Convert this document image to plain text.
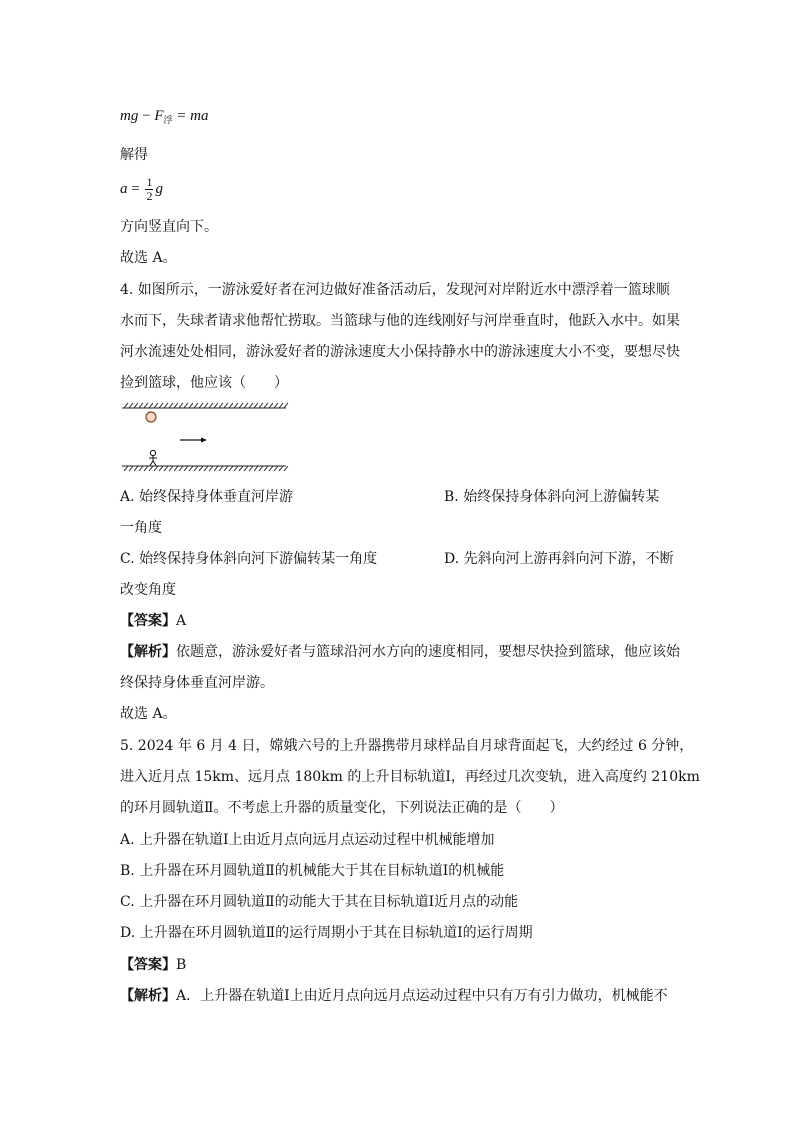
mg − $F_浮$ = ma
解得
$a = \frac{1}{2}$ g
方向竖直向下。
故选 A。
4. 如图所示，一游泳爱好者在河边做好准备活动后，发现河对岸附近水中漂浮着一篮球顺
水而下，失球者请求他帮忙捞取。当篮球与他的连线刚好与河岸垂直时，他跃入水中。如果
河水流速处处相同，游泳爱好者的游泳速度大小保持静水中的游泳速度大小不变，要想尽快
捡到篮球，他应该（　　）
A. 始终保持身体垂直河岸游	B. 始终保持身体斜向河上游偏转某
一角度
C. 始终保持身体斜向河下游偏转某一角度	D. 先斜向河上游再斜向河下游，不断
改变角度
【答案】A
【解析】依题意，游泳爱好者与篮球沿河水方向的速度相同，要想尽快捡到篮球，他应该始
终保持身体垂直河岸游。
故选 A。
5. 2024 年 6 月 4 日，嫦娥六号的上升器携带月球样品自月球背面起飞，大约经过 6 分钟，
进入近月点 15km、远月点 180km 的上升目标轨道Ⅰ，再经过几次变轨，进入高度约 210km
的环月圆轨道Ⅱ。不考虑上升器的质量变化，下列说法正确的是（　　）
A. 上升器在轨道Ⅰ上由近月点向远月点运动过程中机械能增加
B. 上升器在环月圆轨道Ⅱ的机械能大于其在目标轨道Ⅰ的机械能
C. 上升器在环月圆轨道Ⅱ的动能大于其在目标轨道Ⅰ近月点的动能
D. 上升器在环月圆轨道Ⅱ的运行周期小于其在目标轨道Ⅰ的运行周期
【答案】B
【解析】A．上升器在轨道Ⅰ上由近月点向远月点运动过程中只有万有引力做功，机械能不
